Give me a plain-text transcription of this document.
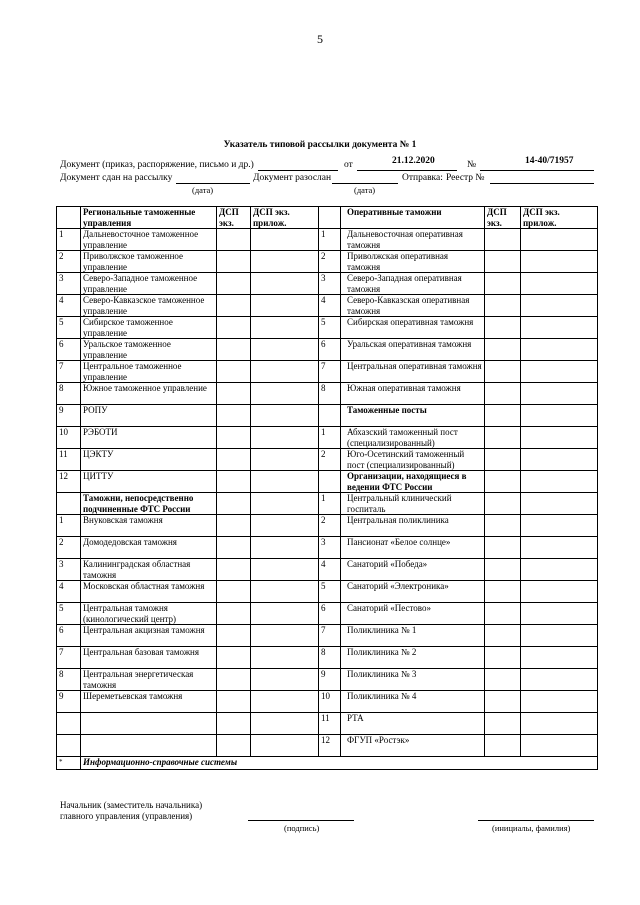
5
Указатель типовой рассылки документа № 1
Документ (приказ, распоряжение, письмо и др.)	от	21.12.2020	№	14-40/71957
Документ сдан на рассылку	Документ разослан	Отправка: Реестр №
(дата)	(дата)
	Региональные таможенные управления	ДСП экз.	ДСП экз. прилож.		Оперативные таможни	ДСП экз.	ДСП экз. прилож.
1	Дальневосточное таможенное управление			1	Дальневосточная оперативная таможня		
2	Приволжское таможенное управление			2	Приволжская оперативная таможня		
3	Северо-Западное таможенное управление			3	Северо-Западная оперативная таможня		
4	Северо-Кавказское таможенное управление			4	Северо-Кавказская оперативная таможня		
5	Сибирское таможенное управление			5	Сибирская оперативная таможня		
6	Уральское таможенное управление			6	Уральская оперативная таможня		
7	Центральное таможенное управление			7	Центральная оперативная таможня		
8	Южное таможенное управление			8	Южная оперативная таможня		
9	РОПУ				Таможенные посты		
10	РЭБОТИ			1	Абхазский таможенный пост (специализированный)		
11	ЦЭКТУ			2	Юго-Осетинский таможенный пост (специализированный)		
12	ЦИТТУ				Организации, находящиеся в ведении ФТС России		
	Таможни, непосредственно подчиненные ФТС России			1	Центральный клинический госпиталь		
1	Внуковская таможня			2	Центральная поликлиника		
2	Домодедовская таможня			3	Пансионат «Белое солнце»		
3	Калининградская областная таможня			4	Санаторий «Победа»		
4	Московская областная таможня			5	Санаторий «Электроника»		
5	Центральная таможня (кинологический центр)			6	Санаторий «Пестово»		
6	Центральная акцизная таможня			7	Поликлиника № 1		
7	Центральная базовая таможня			8	Поликлиника № 2		
8	Центральная энергетическая таможня			9	Поликлиника № 3		
9	Шереметьевская таможня			10	Поликлиника № 4		
				11	РТА		
				12	ФГУП «Ростэк»		
*	Информационно-справочные системы						
Начальник (заместитель начальника)
главного управления (управления)
(подпись)	(инициалы, фамилия)
